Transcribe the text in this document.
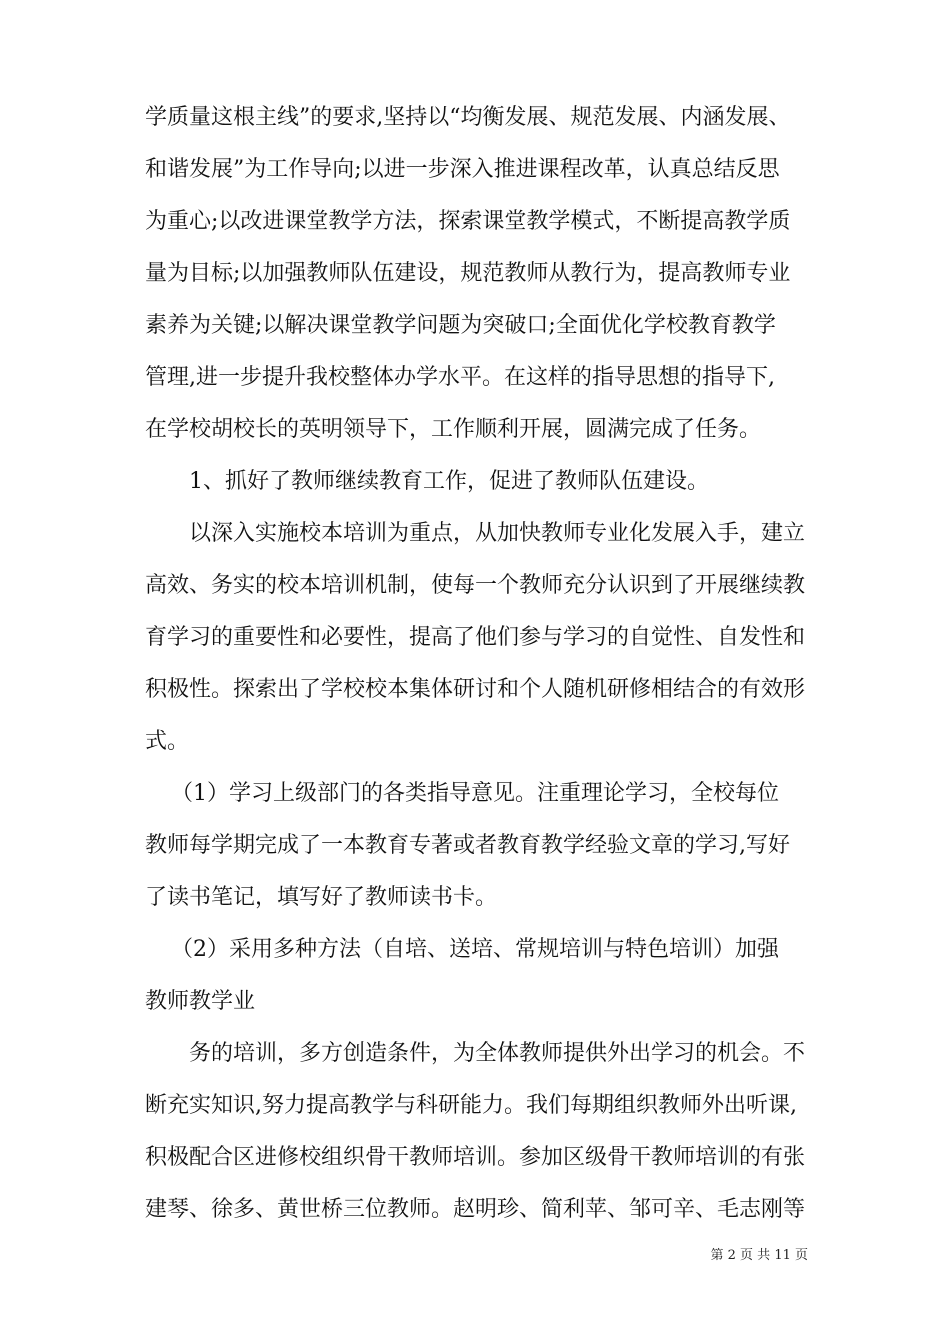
学质量这根主线”的要求,坚持以“均衡发展、规范发展、内涵发展、
和谐发展”为工作导向;以进一步深入推进课程改革，认真总结反思
为重心;以改进课堂教学方法，探索课堂教学模式，不断提高教学质
量为目标;以加强教师队伍建设，规范教师从教行为，提高教师专业
素养为关键;以解决课堂教学问题为突破口;全面优化学校教育教学
管理,进一步提升我校整体办学水平。在这样的指导思想的指导下,
在学校胡校长的英明领导下，工作顺利开展，圆满完成了任务。
1、抓好了教师继续教育工作，促进了教师队伍建设。
以深入实施校本培训为重点，从加快教师专业化发展入手，建立
高效、务实的校本培训机制，使每一个教师充分认识到了开展继续教
育学习的重要性和必要性，提高了他们参与学习的自觉性、自发性和
积极性。探索出了学校校本集体研讨和个人随机研修相结合的有效形
式。
（1）学习上级部门的各类指导意见。注重理论学习，全校每位
教师每学期完成了一本教育专著或者教育教学经验文章的学习,写好
了读书笔记，填写好了教师读书卡。
（2）采用多种方法（自培、送培、常规培训与特色培训）加强
教师教学业
务的培训，多方创造条件，为全体教师提供外出学习的机会。不
断充实知识,努力提高教学与科研能力。我们每期组织教师外出听课,
积极配合区进修校组织骨干教师培训。参加区级骨干教师培训的有张
建琴、徐多、黄世桥三位教师。赵明珍、简利苹、邹可辛、毛志刚等
第 2 页 共 11 页
